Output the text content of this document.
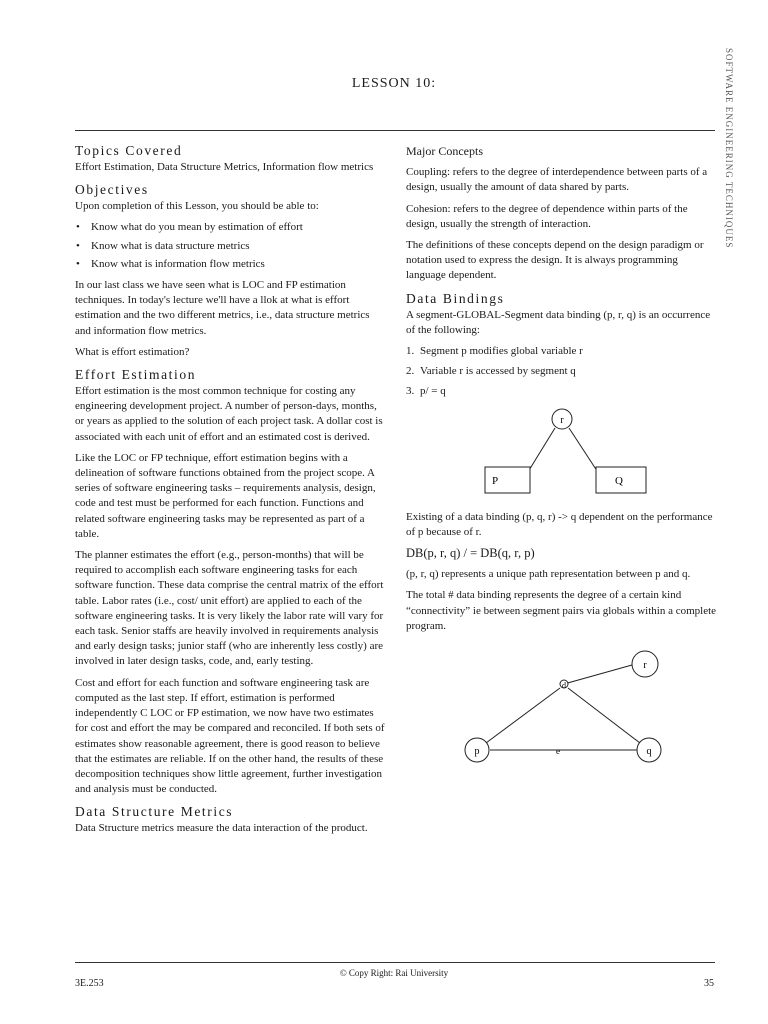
LESSON 10:	SOFTWARE ENGINEERING TECHNIQUES
Topics Covered

Effort Estimation, Data Structure Metrics, Information flow metrics

Objectives

Upon completion of this Lesson, you should be able to:

• Know what do you mean by estimation of effort
• Know what is data structure metrics
• Know what is information flow metrics

In our last class we have seen what is LOC and FP estimation techniques. In today's lecture we'll have a llok at what is effort estimation and the two different metrics, i.e., data structure metrics and information flow metrics.

What is effort estimation?

Effort Estimation

Effort estimation is the most common technique for costing any engineering development project. A number of person-days, months, or years as applied to the solution of each project task. A dollar cost is associated with each unit of effort and an estimated cost is derived.

Like the LOC or FP technique, effort estimation begins with a delineation of software functions obtained from the project scope. A series of software engineering tasks – requirements analysis, design, code and test must be performed for each function. Functions and related software engineering tasks may be represented as part of a table.

The planner estimates the effort (e.g., person-months) that will be required to accomplish each software engineering tasks for each software function. These data comprise the central matrix of the effort table. Labor rates (i.e., cost/ unit effort) are applied to each of the software engineering tasks. It is very likely the labor rate will vary for each task. Senior staffs are heavily involved in requirements analysis and early design tasks; junior staff (who are inherently less costly) are involved in later design tasks, code, and, early testing.

Cost and effort for each function and software engineering task are computed as the last step. If effort, estimation is performed independently C LOC or FP estimation, we now have two estimates for cost and effort the may be compared and reconciled. If both sets of estimates show reasonable agreement, there is good reason to believe that the estimates are reliable. If on the other hand, the results of these decomposition techniques show little agreement, further investigation and analysis must be conducted.

Data Structure Metrics

Data Structure metrics measure the data interaction of the product.

Major Concepts

Coupling: refers to the degree of interdependence between parts of a design, usually the amount of data shared by parts.

Cohesion: refers to the degree of dependence within parts of the design, usually the strength of interaction.

The definitions of these concepts depend on the design paradigm or notation used to express the design. It is always programming language dependent.

Data Bindings

A segment-GLOBAL-Segment data binding (p, r, q) is an occurrence of the following:

1. Segment p modifies global variable r
2. Variable r is accessed by segment q
3. p/ = q
r
P	Q

Existing of a data binding (p, q, r) -> q dependent on the performance of p because of r.

DB(p, r, q) / = DB(q, r, p)

(p, r, q) represents a unique path representation between p and q.

The total # data binding represents the degree of a certain kind “connectivity” ie between segment pairs via globals within a complete program.

d
r
p	q
e
© Copy Right: Rai University
3E.253	35
